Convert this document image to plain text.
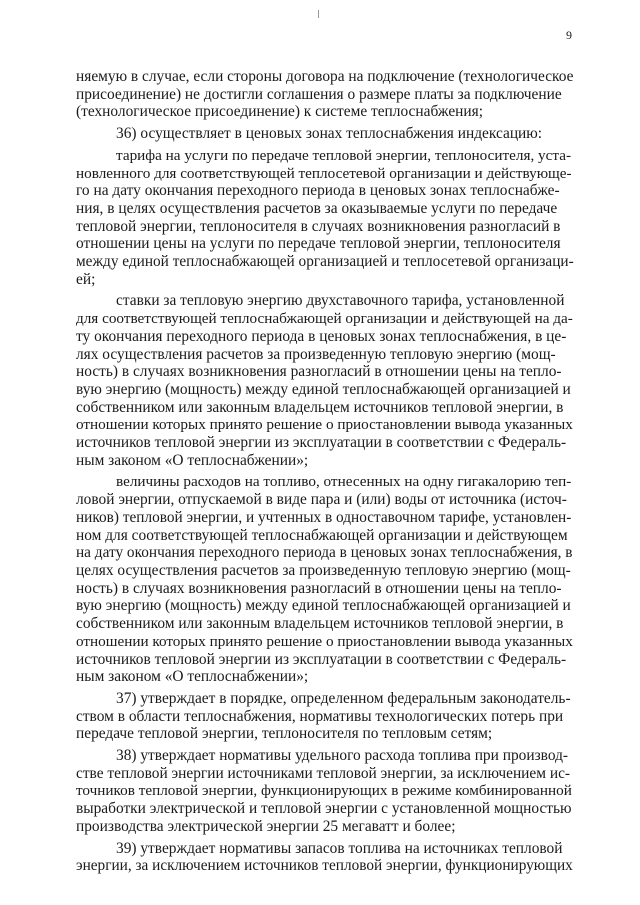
9
няемую в случае, если стороны договора на подключение (технологическое
присоединение) не достигли соглашения о размере платы за подключение
(технологическое присоединение) к системе теплоснабжения;
36) осуществляет в ценовых зонах теплоснабжения индексацию:
тарифа на услуги по передаче тепловой энергии, теплоносителя, уста-
новленного для соответствующей теплосетевой организации и действующе-
го на дату окончания переходного периода в ценовых зонах теплоснабже-
ния, в целях осуществления расчетов за оказываемые услуги по передаче
тепловой энергии, теплоносителя в случаях возникновения разногласий в
отношении цены на услуги по передаче тепловой энергии, теплоносителя
между единой теплоснабжающей организацией и теплосетевой организаци-
ей;
ставки за тепловую энергию двухставочного тарифа, установленной
для соответствующей теплоснабжающей организации и действующей на да-
ту окончания переходного периода в ценовых зонах теплоснабжения, в це-
лях осуществления расчетов за произведенную тепловую энергию (мощ-
ность) в случаях возникновения разногласий в отношении цены на тепло-
вую энергию (мощность) между единой теплоснабжающей организацией и
собственником или законным владельцем источников тепловой энергии, в
отношении которых принято решение о приостановлении вывода указанных
источников тепловой энергии из эксплуатации в соответствии с Федераль-
ным законом «О теплоснабжении»;
величины расходов на топливо, отнесенных на одну гигакалорию теп-
ловой энергии, отпускаемой в виде пара и (или) воды от источника (источ-
ников) тепловой энергии, и учтенных в одноставочном тарифе, установлен-
ном для соответствующей теплоснабжающей организации и действующем
на дату окончания переходного периода в ценовых зонах теплоснабжения, в
целях осуществления расчетов за произведенную тепловую энергию (мощ-
ность) в случаях возникновения разногласий в отношении цены на тепло-
вую энергию (мощность) между единой теплоснабжающей организацией и
собственником или законным владельцем источников тепловой энергии, в
отношении которых принято решение о приостановлении вывода указанных
источников тепловой энергии из эксплуатации в соответствии с Федераль-
ным законом «О теплоснабжении»;
37) утверждает в порядке, определенном федеральным законодатель-
ством в области теплоснабжения, нормативы технологических потерь при
передаче тепловой энергии, теплоносителя по тепловым сетям;
38) утверждает нормативы удельного расхода топлива при производ-
стве тепловой энергии источниками тепловой энергии, за исключением ис-
точников тепловой энергии, функционирующих в режиме комбинированной
выработки электрической и тепловой энергии с установленной мощностью
производства электрической энергии 25 мегаватт и более;
39) утверждает нормативы запасов топлива на источниках тепловой
энергии, за исключением источников тепловой энергии, функционирующих
